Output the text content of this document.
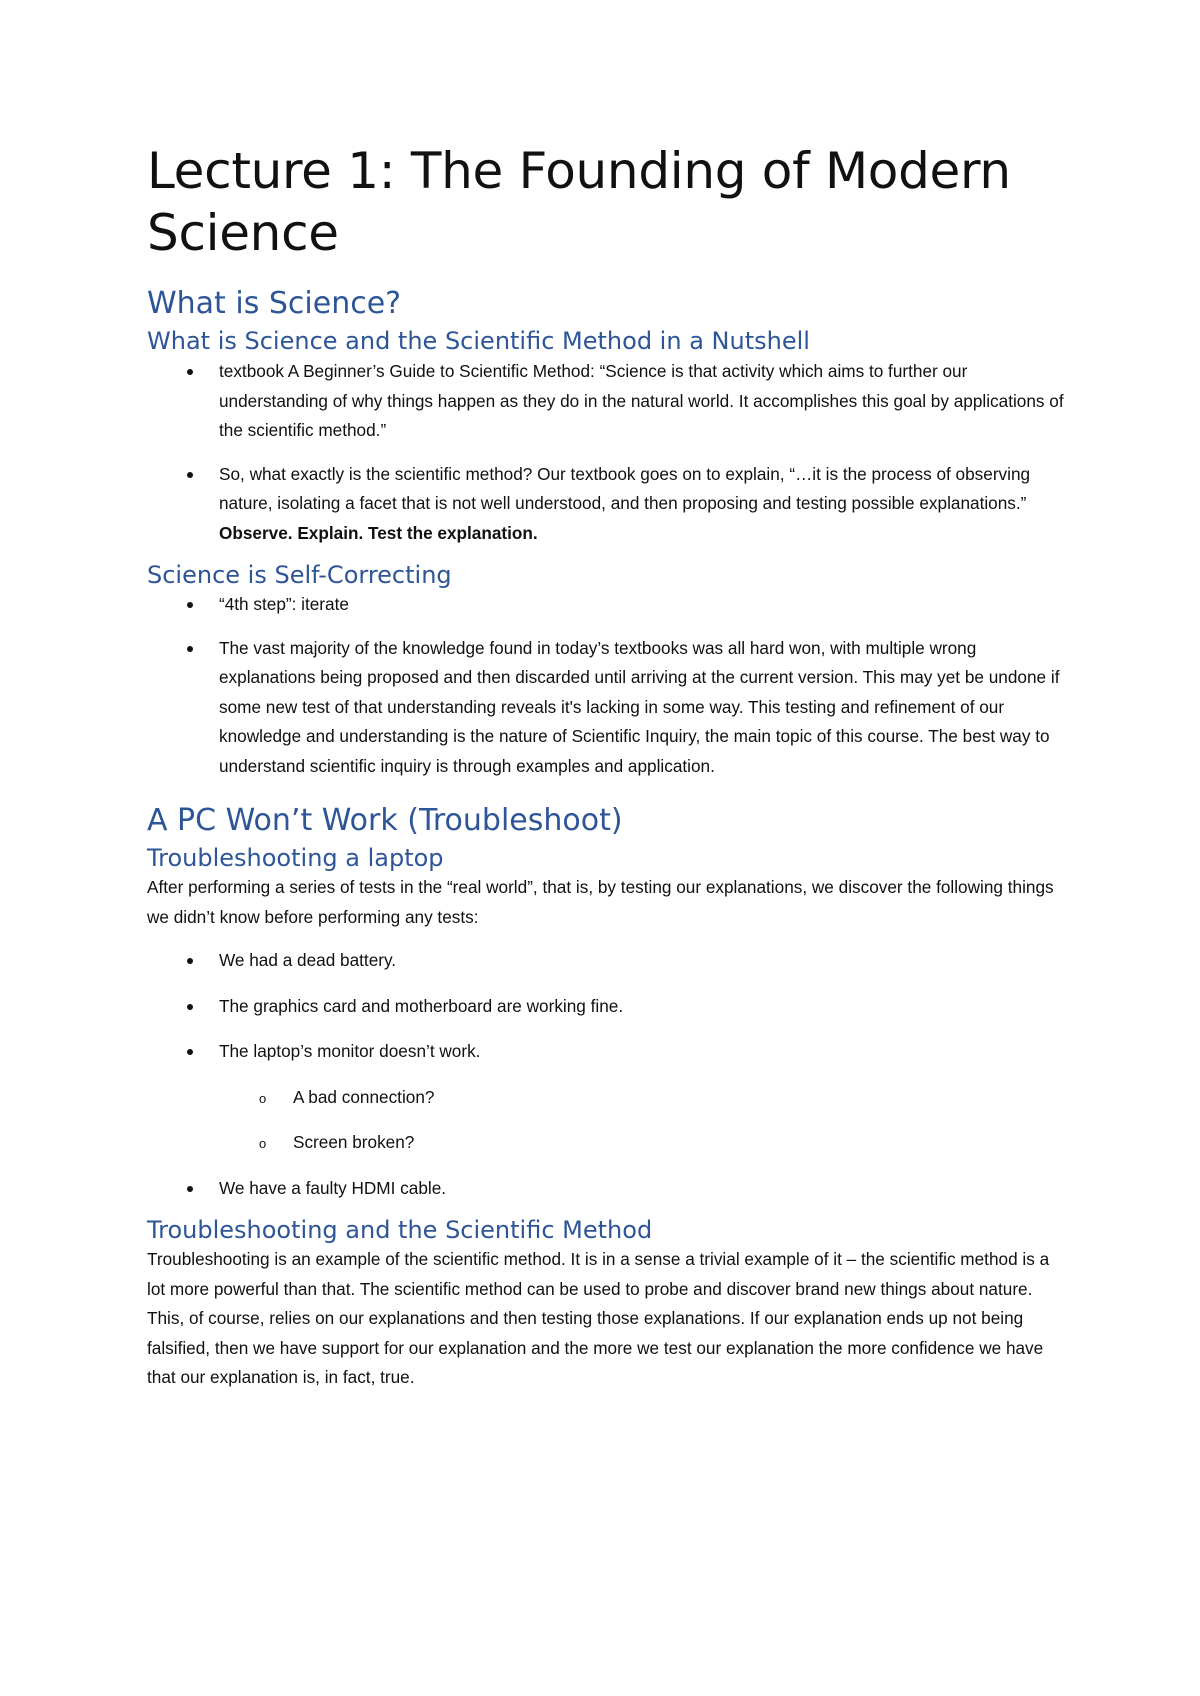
Lecture 1: The Founding of Modern Science
What is Science?
What is Science and the Scientific Method in a Nutshell
textbook A Beginner’s Guide to Scientific Method: “Science is that activity which aims to further our understanding of why things happen as they do in the natural world. It accomplishes this goal by applications of the scientific method.”
So, what exactly is the scientific method? Our textbook goes on to explain, “…it is the process of observing nature, isolating a facet that is not well understood, and then proposing and testing possible explanations.” Observe. Explain. Test the explanation.
Science is Self-Correcting
“4th step”: iterate
The vast majority of the knowledge found in today’s textbooks was all hard won, with multiple wrong explanations being proposed and then discarded until arriving at the current version. This may yet be undone if some new test of that understanding reveals it's lacking in some way. This testing and refinement of our knowledge and understanding is the nature of Scientific Inquiry, the main topic of this course. The best way to understand scientific inquiry is through examples and application.
A PC Won’t Work (Troubleshoot)
Troubleshooting a laptop

After performing a series of tests in the “real world”, that is, by testing our explanations, we discover the following things we didn’t know before performing any tests:

We had a dead battery.
The graphics card and motherboard are working fine.
The laptop’s monitor doesn’t work.
o A bad connection?
o Screen broken?
We have a faulty HDMI cable.
Troubleshooting and the Scientific Method

Troubleshooting is an example of the scientific method. It is in a sense a trivial example of it – the scientific method is a lot more powerful than that. The scientific method can be used to probe and discover brand new things about nature. This, of course, relies on our explanations and then testing those explanations. If our explanation ends up not being falsified, then we have support for our explanation and the more we test our explanation the more confidence we have that our explanation is, in fact, true.
